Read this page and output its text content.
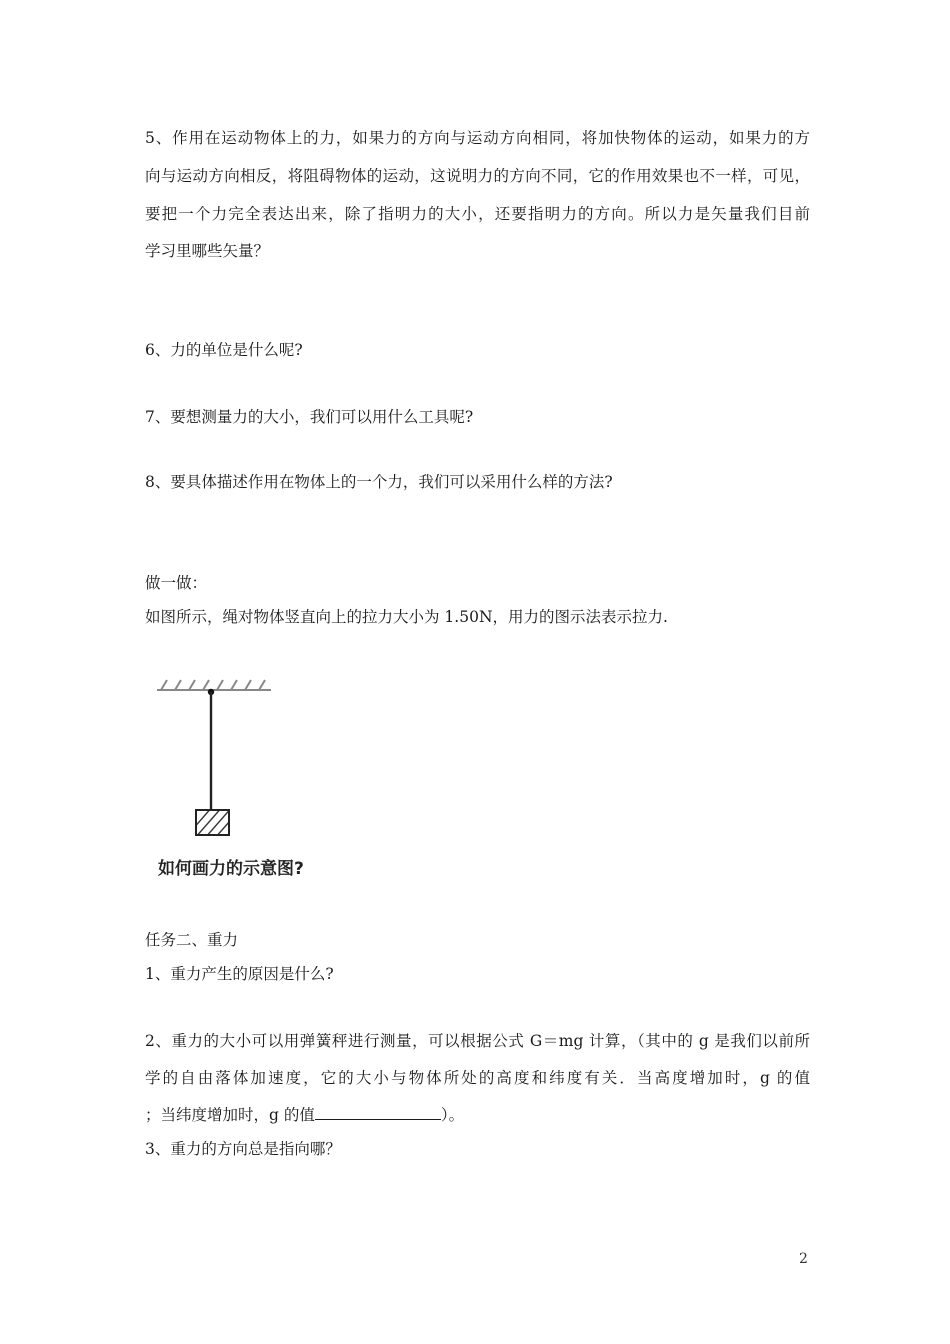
5、作用在运动物体上的力，如果力的方向与运动方向相同，将加快物体的运动，如果力的方
向与运动方向相反，将阻碍物体的运动，这说明力的方向不同，它的作用效果也不一样，可见，
要把一个力完全表达出来，除了指明力的大小，还要指明力的方向。所以力是矢量我们目前
学习里哪些矢量？
6、力的单位是什么呢?
7、要想测量力的大小，我们可以用什么工具呢?
8、要具体描述作用在物体上的一个力，我们可以采用什么样的方法?
做一做：
如图所示，绳对物体竖直向上的拉力大小为 1.50N，用力的图示法表示拉力.
如何画力的示意图?
任务二、重力
1、重力产生的原因是什么?
2、重力的大小可以用弹簧秤进行测量，可以根据公式 G＝mg 计算，（其中的 g 是我们以前所
学的自由落体加速度，它的大小与物体所处的高度和纬度有关．当高度增加时，g 的值
；当纬度增加时，g 的值	）。
3、重力的方向总是指向哪？
2
